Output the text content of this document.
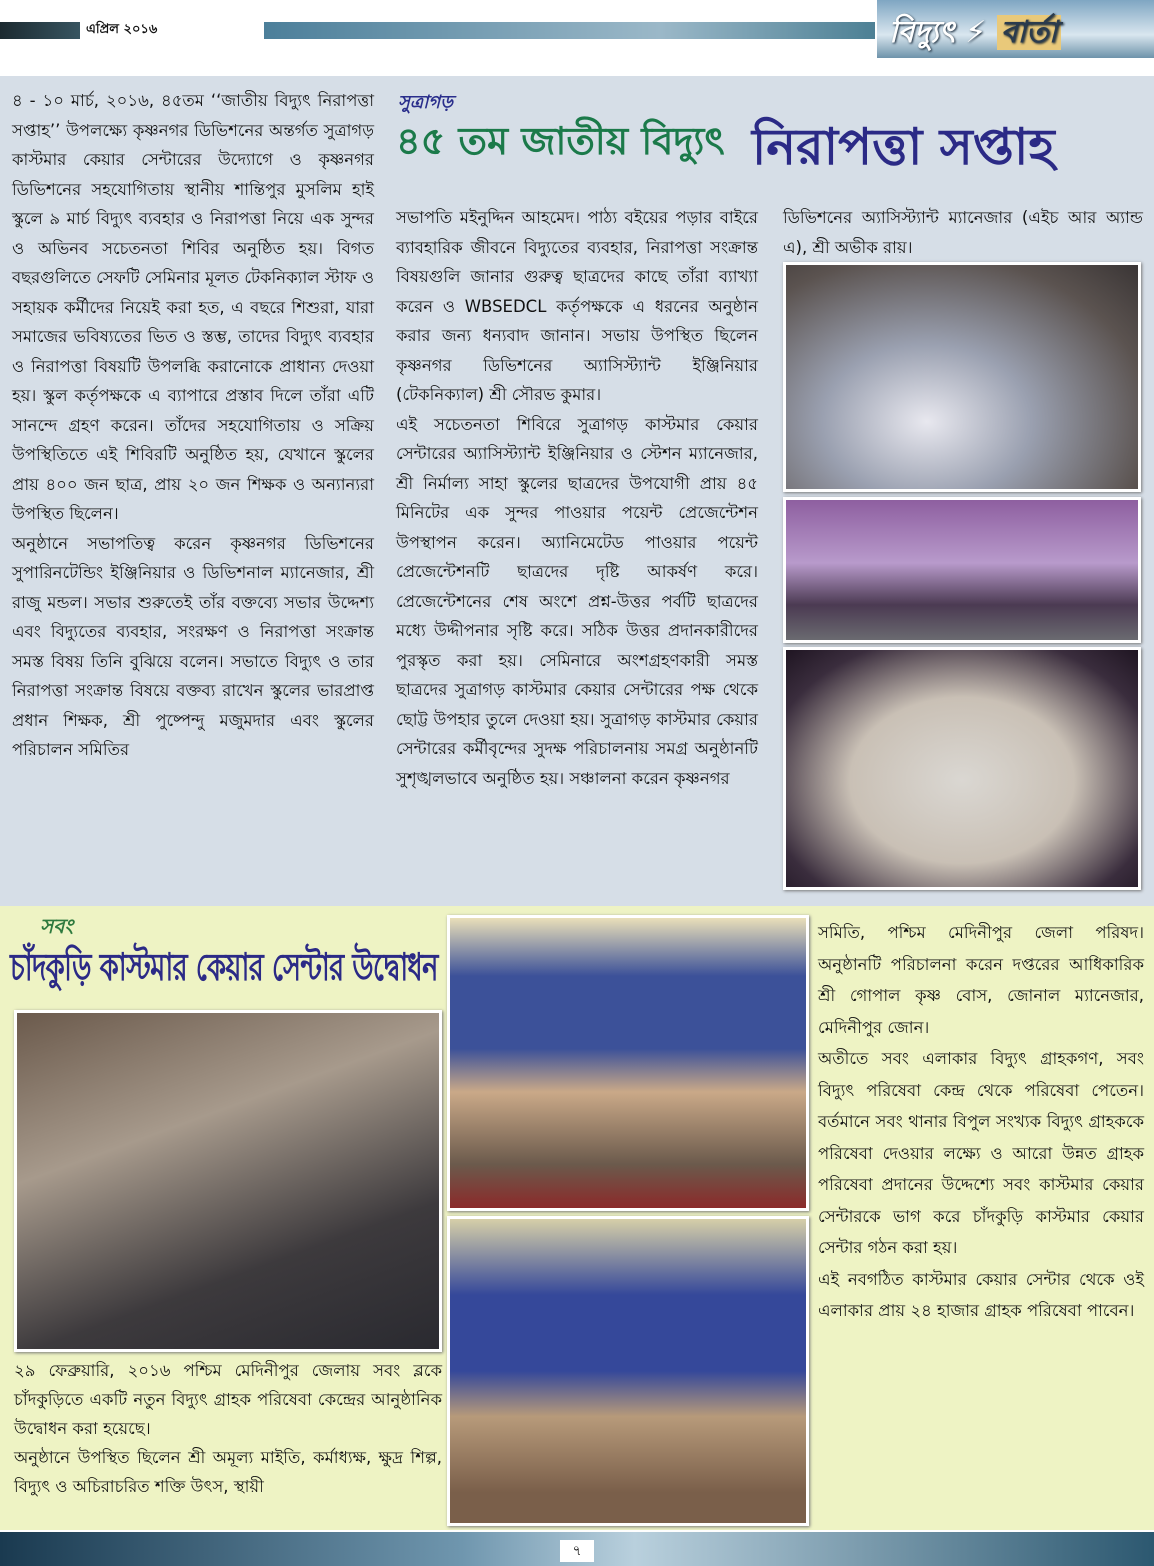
এপ্রিল ২০১৬	বিদ্যুৎ ⚡ বার্তা
সুত্রাগড়
৪৫ তম জাতীয় বিদ্যুৎ নিরাপত্তা সপ্তাহ

৪ - ১০ মার্চ, ২০১৬, ৪৫তম ‘‘জাতীয় বিদ্যুৎ নিরাপত্তা সপ্তাহ’’ উপলক্ষ্যে কৃষ্ণনগর ডিভিশনের অন্তর্গত সুত্রাগড় কাস্টমার কেয়ার সেন্টারের উদ্যোগে ও কৃষ্ণনগর ডিভিশনের সহযোগিতায় স্থানীয় শান্তিপুর মুসলিম হাই স্কুলে ৯ মার্চ বিদ্যুৎ ব্যবহার ও নিরাপত্তা নিয়ে এক সুন্দর ও অভিনব সচেতনতা শিবির অনুষ্ঠিত হয়। বিগত বছরগুলিতে সেফটি সেমিনার মূলত টেকনিক্যাল স্টাফ ও সহায়ক কর্মীদের নিয়েই করা হত, এ বছরে শিশুরা, যারা সমাজের ভবিষ্যতের ভিত ও স্তম্ভ, তাদের বিদ্যুৎ ব্যবহার ও নিরাপত্তা বিষয়টি উপলব্ধি করানোকে প্রাধান্য দেওয়া হয়। স্কুল কর্তৃপক্ষকে এ ব্যাপারে প্রস্তাব দিলে তাঁরা এটি সানন্দে গ্রহণ করেন। তাঁদের সহযোগিতায় ও সক্রিয় উপস্থিতিতে এই শিবিরটি অনুষ্ঠিত হয়, যেখানে স্কুলের প্রায় ৪০০ জন ছাত্র, প্রায় ২০ জন শিক্ষক ও অন্যান্যরা উপস্থিত ছিলেন।

অনুষ্ঠানে সভাপতিত্ব করেন কৃষ্ণনগর ডিভিশনের সুপারিনটেন্ডিং ইঞ্জিনিয়ার ও ডিভিশনাল ম্যানেজার, শ্রী রাজু মন্ডল। সভার শুরুতেই তাঁর বক্তব্যে সভার উদ্দেশ্য এবং বিদ্যুতের ব্যবহার, সংরক্ষণ ও নিরাপত্তা সংক্রান্ত সমস্ত বিষয় তিনি বুঝিয়ে বলেন। সভাতে বিদ্যুৎ ও তার নিরাপত্তা সংক্রান্ত বিষয়ে বক্তব্য রাখেন স্কুলের ভারপ্রাপ্ত প্রধান শিক্ষক, শ্রী পুষ্পেন্দু মজুমদার এবং স্কুলের পরিচালন সমিতির

সভাপতি মইনুদ্দিন আহমেদ। পাঠ্য বইয়ের পড়ার বাইরে ব্যাবহারিক জীবনে বিদ্যুতের ব্যবহার, নিরাপত্তা সংক্রান্ত বিষয়গুলি জানার গুরুত্ব ছাত্রদের কাছে তাঁরা ব্যাখ্যা করেন ও WBSEDCL কর্তৃপক্ষকে এ ধরনের অনুষ্ঠান করার জন্য ধন্যবাদ জানান। সভায় উপস্থিত ছিলেন কৃষ্ণনগর ডিভিশনের অ্যাসিস্ট্যান্ট ইঞ্জিনিয়ার (টেকনিক্যাল) শ্রী সৌরভ কুমার।

এই সচেতনতা শিবিরে সুত্রাগড় কাস্টমার কেয়ার সেন্টারের অ্যাসিস্ট্যান্ট ইঞ্জিনিয়ার ও স্টেশন ম্যানেজার, শ্রী নির্মাল্য সাহা স্কুলের ছাত্রদের উপযোগী প্রায় ৪৫ মিনিটের এক সুন্দর পাওয়ার পয়েন্ট প্রেজেন্টেশন উপস্থাপন করেন। অ্যানিমেটেড পাওয়ার পয়েন্ট প্রেজেন্টেশনটি ছাত্রদের দৃষ্টি আকর্ষণ করে। প্রেজেন্টেশনের শেষ অংশে প্রশ্ন-উত্তর পর্বটি ছাত্রদের মধ্যে উদ্দীপনার সৃষ্টি করে। সঠিক উত্তর প্রদানকারীদের পুরস্কৃত করা হয়। সেমিনারে অংশগ্রহণকারী সমস্ত ছাত্রদের সুত্রাগড় কাস্টমার কেয়ার সেন্টারের পক্ষ থেকে ছোট্ট উপহার তুলে দেওয়া হয়। সুত্রাগড় কাস্টমার কেয়ার সেন্টারের কর্মীবৃন্দের সুদক্ষ পরিচালনায় সমগ্র অনুষ্ঠানটি সুশৃঙ্খলভাবে অনুষ্ঠিত হয়। সঞ্চালনা করেন কৃষ্ণনগর

ডিভিশনের অ্যাসিস্ট্যান্ট ম্যানেজার (এইচ আর অ্যান্ড এ), শ্রী অভীক রায়।

সবং
চাঁদকুড়ি কাস্টমার কেয়ার সেন্টার উদ্বোধন

২৯ ফেব্রুয়ারি, ২০১৬ পশ্চিম মেদিনীপুর জেলায় সবং ব্লকে চাঁদকুড়িতে একটি নতুন বিদ্যুৎ গ্রাহক পরিষেবা কেন্দ্রের আনুষ্ঠানিক উদ্বোধন করা হয়েছে।

অনুষ্ঠানে উপস্থিত ছিলেন শ্রী অমূল্য মাইতি, কর্মাধ্যক্ষ, ক্ষুদ্র শিল্প, বিদ্যুৎ ও অচিরাচরিত শক্তি উৎস, স্থায়ী

সমিতি, পশ্চিম মেদিনীপুর জেলা পরিষদ। অনুষ্ঠানটি পরিচালনা করেন দপ্তরের আধিকারিক শ্রী গোপাল কৃষ্ণ বোস, জোনাল ম্যানেজার, মেদিনীপুর জোন।

অতীতে সবং এলাকার বিদ্যুৎ গ্রাহকগণ, সবং বিদ্যুৎ পরিষেবা কেন্দ্র থেকে পরিষেবা পেতেন। বর্তমানে সবং থানার বিপুল সংখ্যক বিদ্যুৎ গ্রাহককে পরিষেবা দেওয়ার লক্ষ্যে ও আরো উন্নত গ্রাহক পরিষেবা প্রদানের উদ্দেশ্যে সবং কাস্টমার কেয়ার সেন্টারকে ভাগ করে চাঁদকুড়ি কাস্টমার কেয়ার সেন্টার গঠন করা হয়।

এই নবগঠিত কাস্টমার কেয়ার সেন্টার থেকে ওই এলাকার প্রায় ২৪ হাজার গ্রাহক পরিষেবা পাবেন।

৭
